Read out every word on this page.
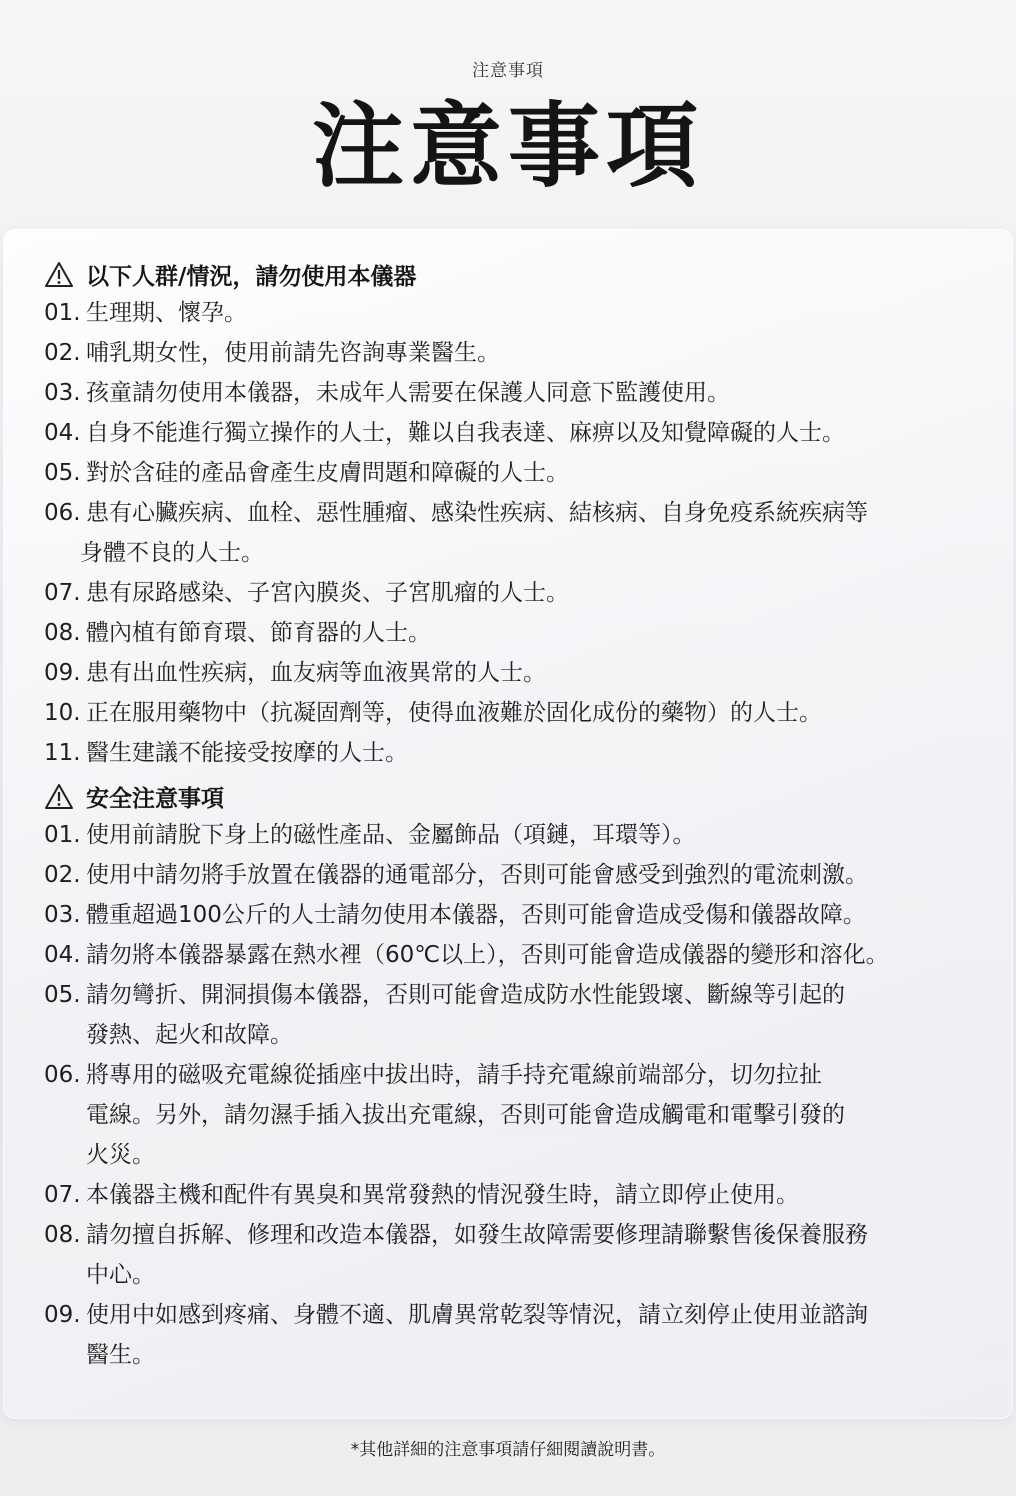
注意事項
注意事項
以下人群/情況，請勿使用本儀器
01. 生理期、懷孕。
02. 哺乳期女性，使用前請先咨詢專業醫生。
03. 孩童請勿使用本儀器，未成年人需要在保護人同意下監護使用。
04. 自身不能進行獨立操作的人士，難以自我表達、麻痹以及知覺障礙的人士。
05. 對於含硅的產品會產生皮膚問題和障礙的人士。
06. 患有心臟疾病、血栓、惡性腫瘤、感染性疾病、結核病、自身免疫系統疾病等
身體不良的人士。
07. 患有尿路感染、子宮內膜炎、子宮肌瘤的人士。
08. 體內植有節育環、節育器的人士。
09. 患有出血性疾病，血友病等血液異常的人士。
10. 正在服用藥物中（抗凝固劑等，使得血液難於固化成份的藥物）的人士。
11. 醫生建議不能接受按摩的人士。
安全注意事項
01. 使用前請脫下身上的磁性產品、金屬飾品（項鏈，耳環等）。
02. 使用中請勿將手放置在儀器的通電部分，否則可能會感受到強烈的電流刺激。
03. 體重超過100公斤的人士請勿使用本儀器，否則可能會造成受傷和儀器故障。
04. 請勿將本儀器暴露在熱水裡（60℃以上），否則可能會造成儀器的變形和溶化。
05. 請勿彎折、開洞損傷本儀器，否則可能會造成防水性能毀壞、斷線等引起的
發熱、起火和故障。
06. 將專用的磁吸充電線從插座中拔出時，請手持充電線前端部分，切勿拉扯
電線。另外，請勿濕手插入拔出充電線，否則可能會造成觸電和電擊引發的
火災。
07. 本儀器主機和配件有異臭和異常發熱的情況發生時，請立即停止使用。
08. 請勿擅自拆解、修理和改造本儀器，如發生故障需要修理請聯繫售後保養服務
中心。
09. 使用中如感到疼痛、身體不適、肌膚異常乾裂等情況，請立刻停止使用並諮詢
醫生。
*其他詳細的注意事項請仔細閱讀說明書。
